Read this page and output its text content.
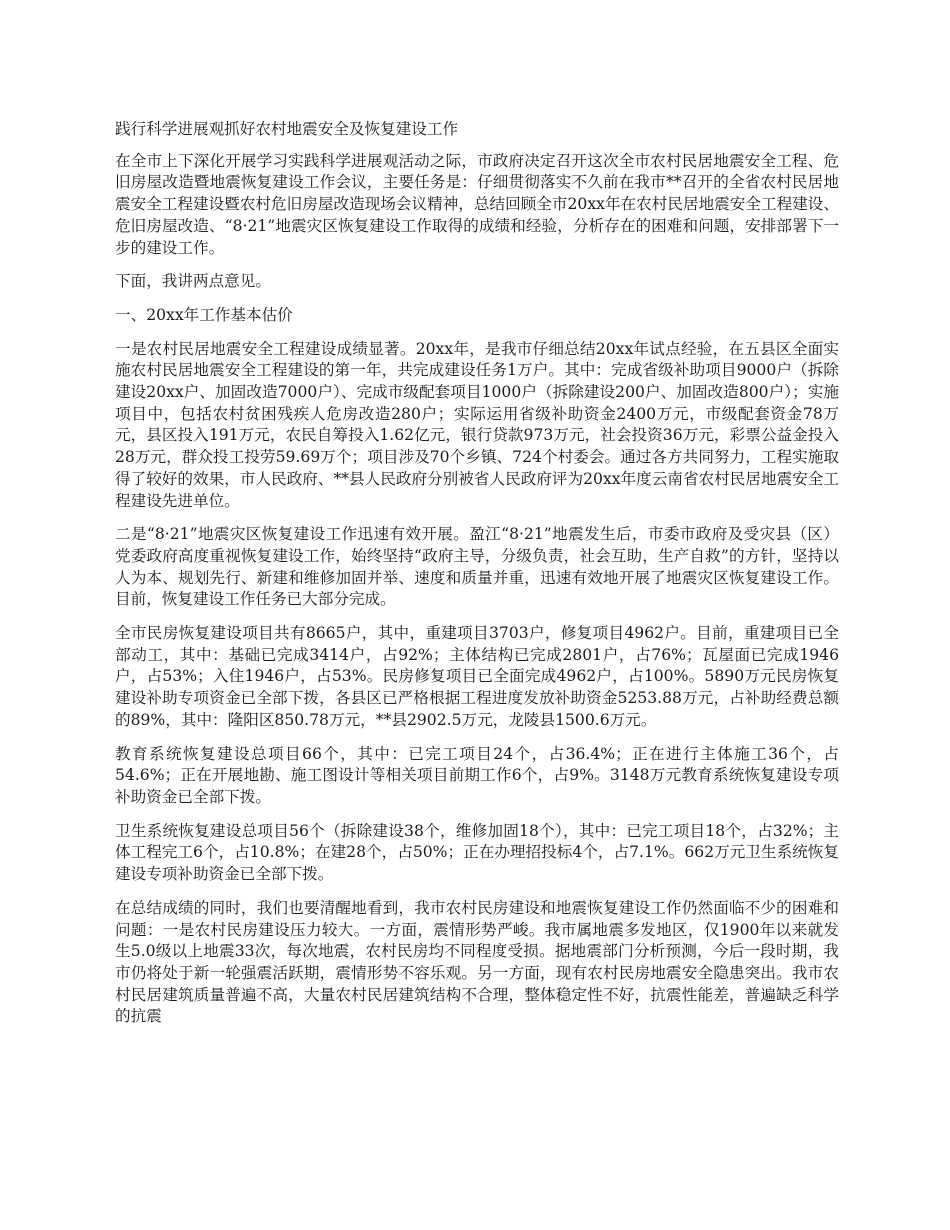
践行科学进展观抓好农村地震安全及恢复建设工作

在全市上下深化开展学习实践科学进展观活动之际，市政府决定召开这次全市农村民居地震安全工程、危旧房屋改造暨地震恢复建设工作会议，主要任务是：仔细贯彻落实不久前在我市**召开的全省农村民居地震安全工程建设暨农村危旧房屋改造现场会议精神，总结回顾全市20xx年在农村民居地震安全工程建设、危旧房屋改造、“8·21”地震灾区恢复建设工作取得的成绩和经验，分析存在的困难和问题，安排部署下一步的建设工作。

下面，我讲两点意见。

一、20xx年工作基本估价

一是农村民居地震安全工程建设成绩显著。20xx年，是我市仔细总结20xx年试点经验，在五县区全面实施农村民居地震安全工程建设的第一年，共完成建设任务1万户。其中：完成省级补助项目9000户（拆除建设20xx户、加固改造7000户）、完成市级配套项目1000户（拆除建设200户、加固改造800户）；实施项目中，包括农村贫困残疾人危房改造280户；实际运用省级补助资金2400万元，市级配套资金78万元，县区投入191万元，农民自筹投入1.62亿元，银行贷款973万元，社会投资36万元，彩票公益金投入28万元，群众投工投劳59.69万个；项目涉及70个乡镇、724个村委会。通过各方共同努力，工程实施取得了较好的效果，市人民政府、**县人民政府分别被省人民政府评为20xx年度云南省农村民居地震安全工程建设先进单位。

二是“8·21”地震灾区恢复建设工作迅速有效开展。盈江“8·21”地震发生后，市委市政府及受灾县（区）党委政府高度重视恢复建设工作，始终坚持“政府主导，分级负责，社会互助，生产自救”的方针，坚持以人为本、规划先行、新建和维修加固并举、速度和质量并重，迅速有效地开展了地震灾区恢复建设工作。目前，恢复建设工作任务已大部分完成。

全市民房恢复建设项目共有8665户，其中，重建项目3703户，修复项目4962户。目前，重建项目已全部动工，其中：基础已完成3414户，占92%；主体结构已完成2801户，占76%；瓦屋面已完成1946户，占53%；入住1946户，占53%。民房修复项目已全面完成4962户，占100%。5890万元民房恢复建设补助专项资金已全部下拨，各县区已严格根据工程进度发放补助资金5253.88万元，占补助经费总额的89%，其中：隆阳区850.78万元，**县2902.5万元，龙陵县1500.6万元。

教育系统恢复建设总项目66个，其中：已完工项目24个，占36.4%；正在进行主体施工36个，占54.6%；正在开展地勘、施工图设计等相关项目前期工作6个，占9%。3148万元教育系统恢复建设专项补助资金已全部下拨。

卫生系统恢复建设总项目56个（拆除建设38个，维修加固18个），其中：已完工项目18个，占32%；主体工程完工6个，占10.8%；在建28个，占50%；正在办理招投标4个，占7.1%。662万元卫生系统恢复建设专项补助资金已全部下拨。

在总结成绩的同时，我们也要清醒地看到，我市农村民房建设和地震恢复建设工作仍然面临不少的困难和问题：一是农村民房建设压力较大。一方面，震情形势严峻。我市属地震多发地区，仅1900年以来就发生5.0级以上地震33次，每次地震，农村民房均不同程度受损。据地震部门分析预测，今后一段时期，我市仍将处于新一轮强震活跃期，震情形势不容乐观。另一方面，现有农村民房地震安全隐患突出。我市农村民居建筑质量普遍不高，大量农村民居建筑结构不合理，整体稳定性不好，抗震性能差，普遍缺乏科学的抗震
